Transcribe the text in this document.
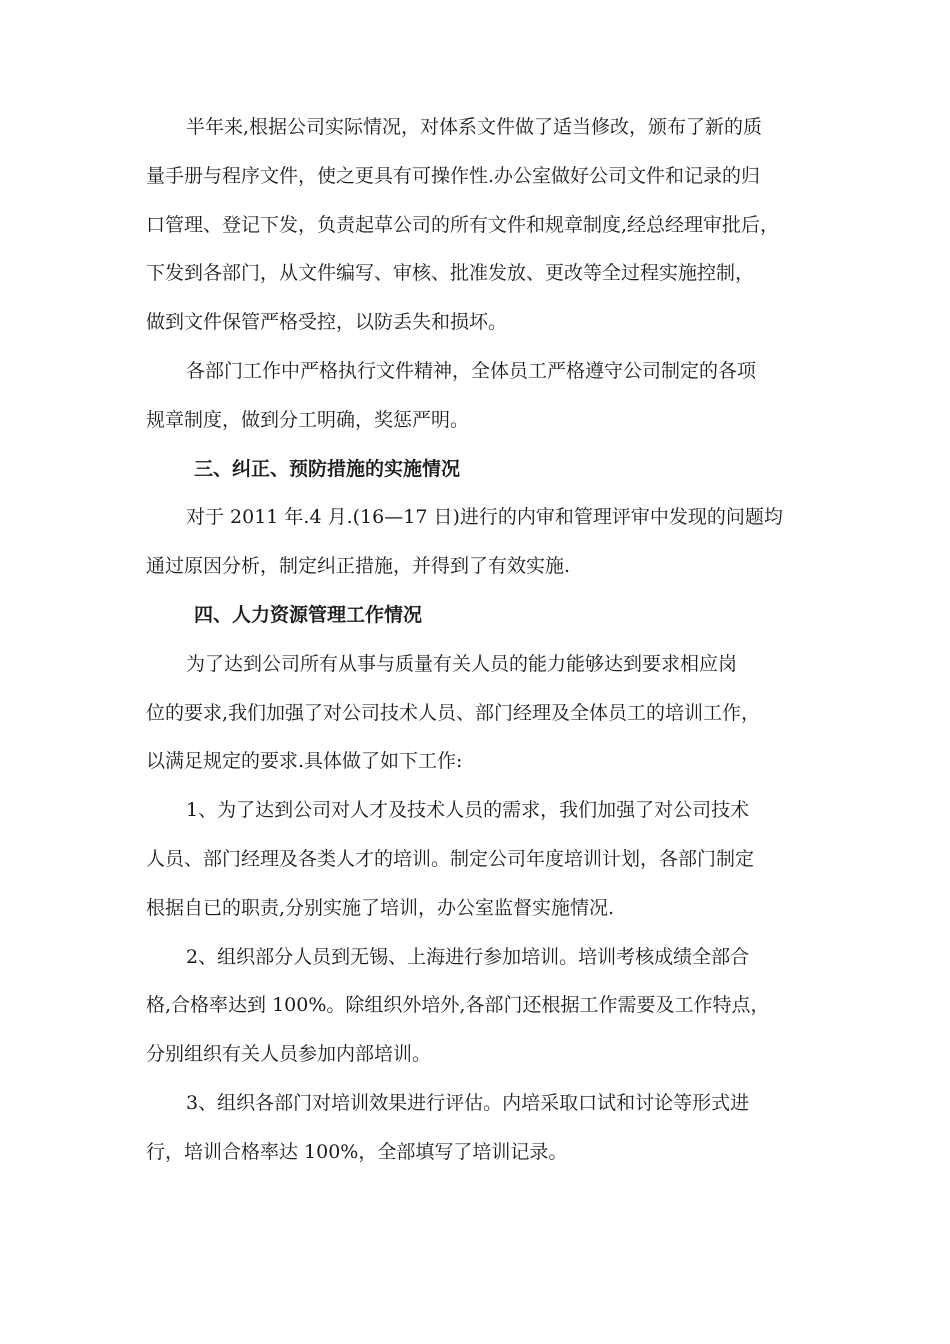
半年来,根据公司实际情况，对体系文件做了适当修改，颁布了新的质
量手册与程序文件，使之更具有可操作性.办公室做好公司文件和记录的归
口管理、登记下发，负责起草公司的所有文件和规章制度,经总经理审批后，
下发到各部门，从文件编写、审核、批准发放、更改等全过程实施控制，
做到文件保管严格受控，以防丢失和损坏。
各部门工作中严格执行文件精神，全体员工严格遵守公司制定的各项
规章制度，做到分工明确，奖惩严明。
三、纠正、预防措施的实施情况
对于 2011 年.4 月.(16—17 日)进行的内审和管理评审中发现的问题均
通过原因分析，制定纠正措施，并得到了有效实施.
四、人力资源管理工作情况
为了达到公司所有从事与质量有关人员的能力能够达到要求相应岗
位的要求,我们加强了对公司技术人员、部门经理及全体员工的培训工作，
以满足规定的要求.具体做了如下工作:
1、为了达到公司对人才及技术人员的需求，我们加强了对公司技术
人员、部门经理及各类人才的培训。制定公司年度培训计划，各部门制定
根据自已的职责,分别实施了培训，办公室监督实施情况.
2、组织部分人员到无锡、上海进行参加培训。培训考核成绩全部合
格,合格率达到 100%。除组织外培外,各部门还根据工作需要及工作特点，
分别组织有关人员参加内部培训。
3、组织各部门对培训效果进行评估。内培采取口试和讨论等形式进
行，培训合格率达 100%，全部填写了培训记录。
